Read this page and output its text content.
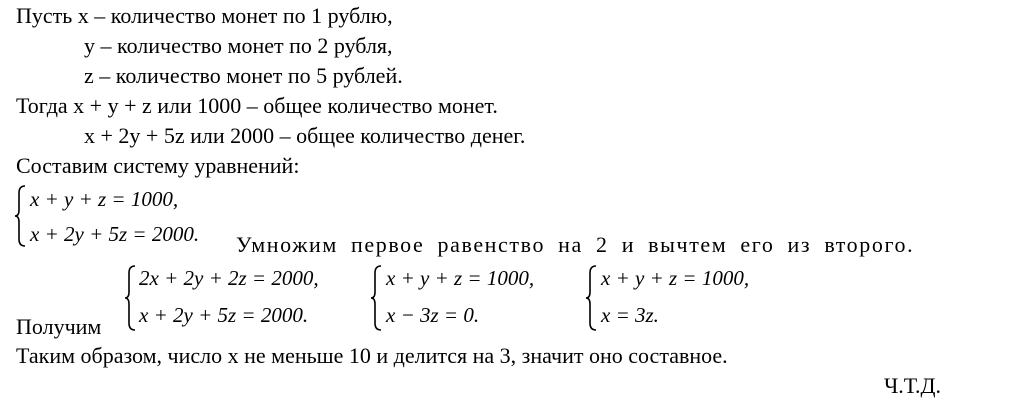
Пусть x – количество монет по 1 рублю,
y – количество монет по 2 рубля,
z – количество монет по 5 рублей.
Тогда x + y + z или 1000 – общее количество монет.
x + 2y + 5z или 2000 – общее количество денег.
Составим систему уравнений:
x + y + z = 1000,
x + 2y + 5z = 2000. Умножим первое равенство на 2 и вычтем его из второго.
2x + 2y + 2z = 2000,
x + 2y + 5z = 2000.
x + y + z = 1000,
x − 3z = 0.
x + y + z = 1000,
x = 3z.
Получим
Таким образом, число x не меньше 10 и делится на 3, значит оно составное.
Ч.Т.Д.
